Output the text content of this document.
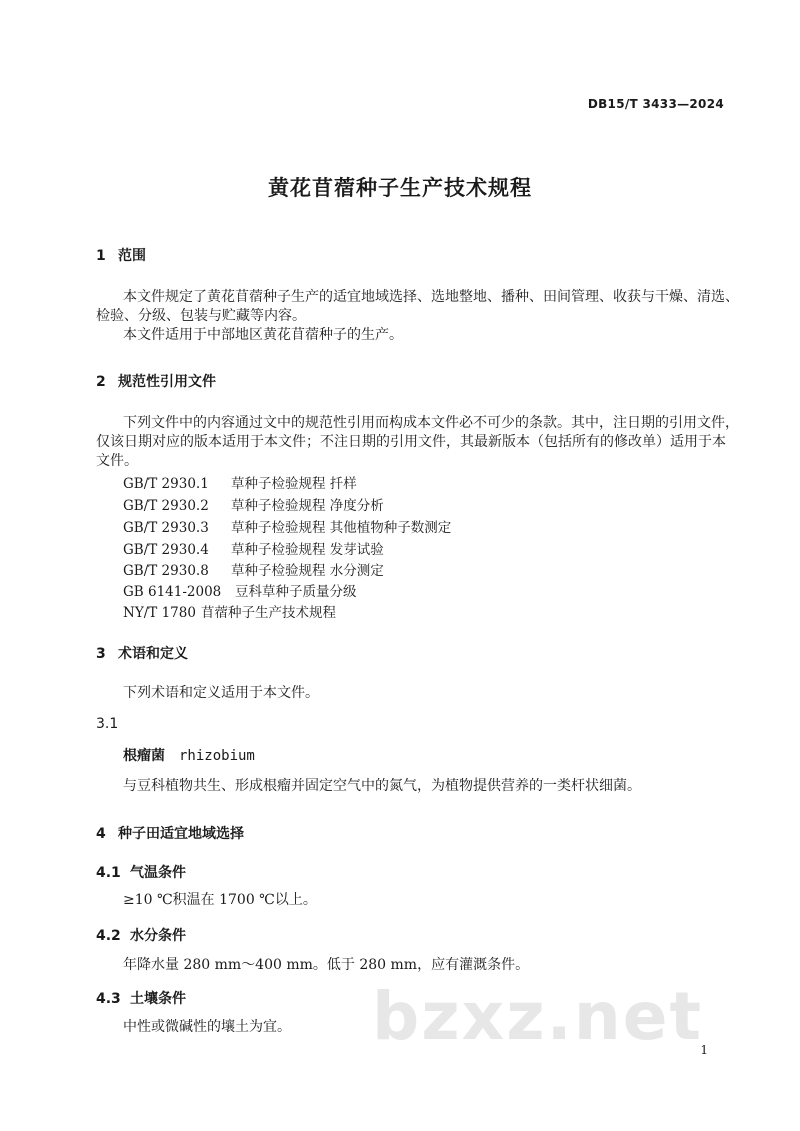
DB15/T 3433—2024
黄花苜蓿种子生产技术规程
1 范围
本文件规定了黄花苜蓿种子生产的适宜地域选择、选地整地、播种、田间管理、收获与干燥、清选、
检验、分级、包装与贮藏等内容。
本文件适用于中部地区黄花苜蓿种子的生产。
2 规范性引用文件
下列文件中的内容通过文中的规范性引用而构成本文件必不可少的条款。其中，注日期的引用文件，
仅该日期对应的版本适用于本文件；不注日期的引用文件，其最新版本（包括所有的修改单）适用于本
文件。
GB/T 2930.1 草种子检验规程 扦样
GB/T 2930.2 草种子检验规程 净度分析
GB/T 2930.3 草种子检验规程 其他植物种子数测定
GB/T 2930.4 草种子检验规程 发芽试验
GB/T 2930.8 草种子检验规程 水分测定
GB 6141-2008 豆科草种子质量分级
NY/T 1780 苜蓿种子生产技术规程
3 术语和定义
下列术语和定义适用于本文件。
3.1
根瘤菌 rhizobium
与豆科植物共生、形成根瘤并固定空气中的氮气，为植物提供营养的一类杆状细菌。
4 种子田适宜地域选择
4.1 气温条件
≥10 ℃积温在 1700 ℃以上。
4.2 水分条件
年降水量 280 mm～400 mm。低于 280 mm，应有灌溉条件。
4.3 土壤条件
中性或微碱性的壤土为宜。 bzxz.net
1
